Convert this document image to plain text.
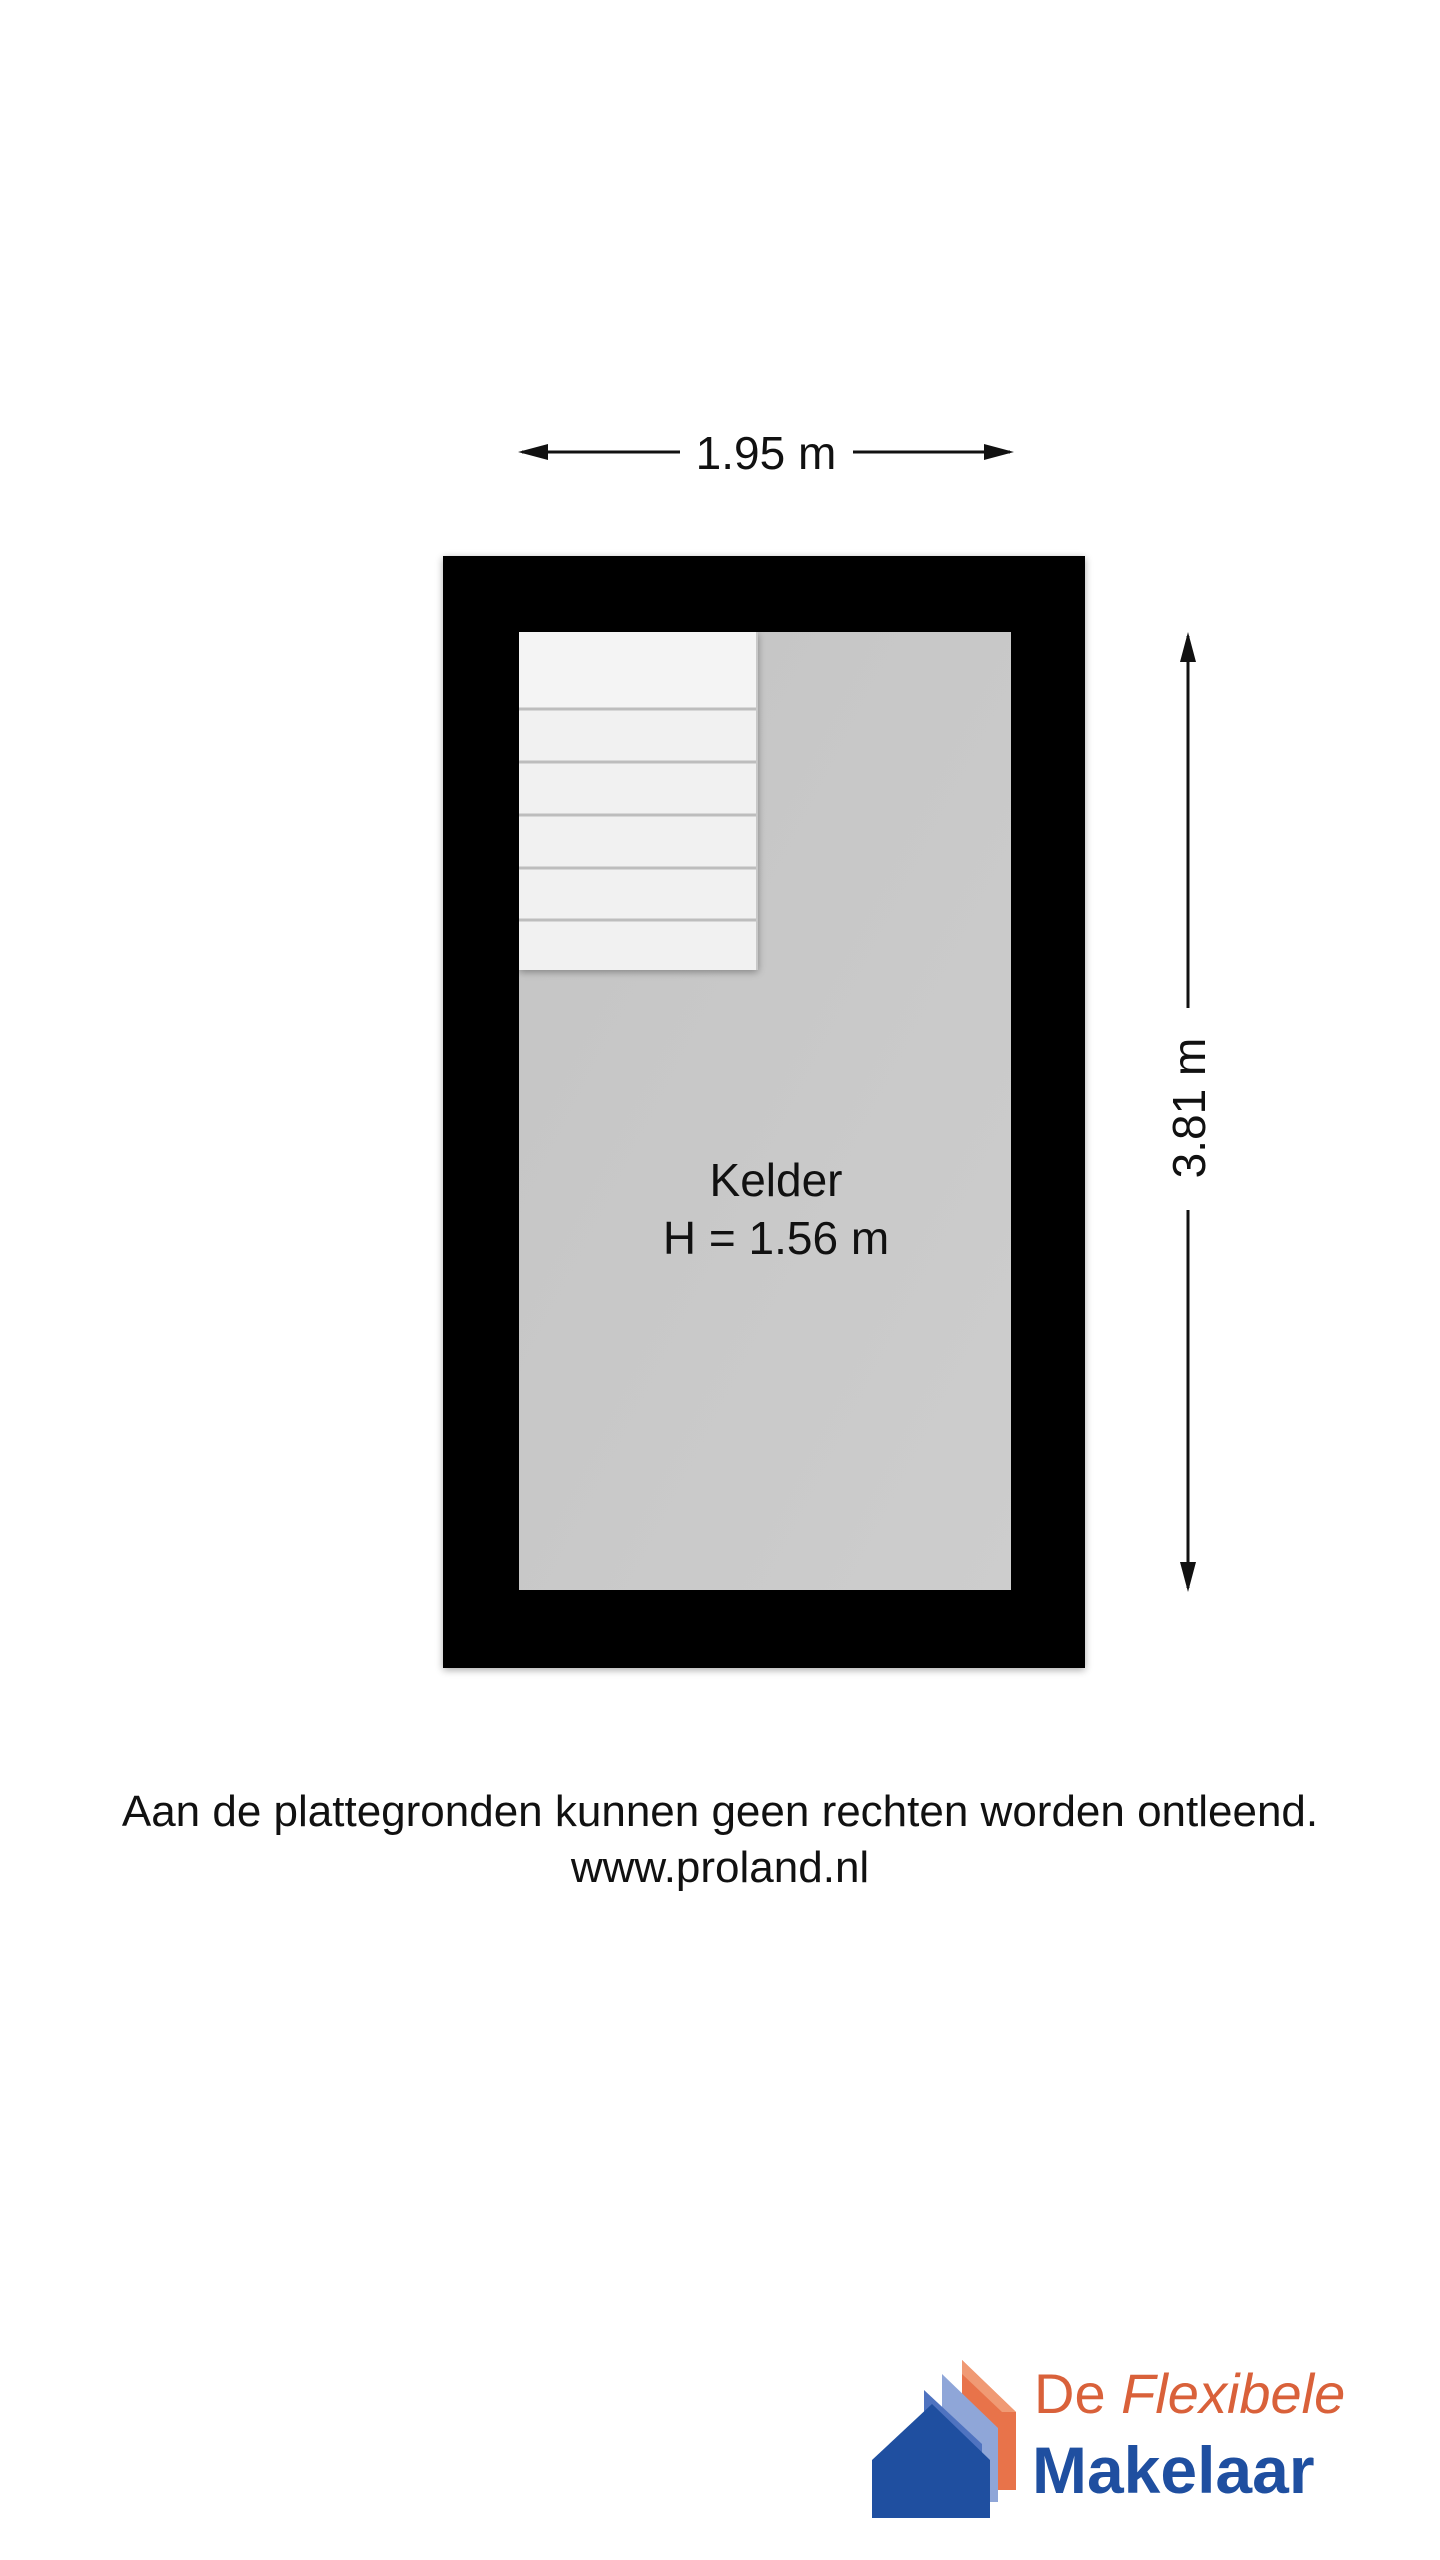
1.95 m
Kelder
H = 1.56 m
3.81 m
Aan de plattegronden kunnen geen rechten worden ontleend.
www.proland.nl
De Flexibele
Makelaar
